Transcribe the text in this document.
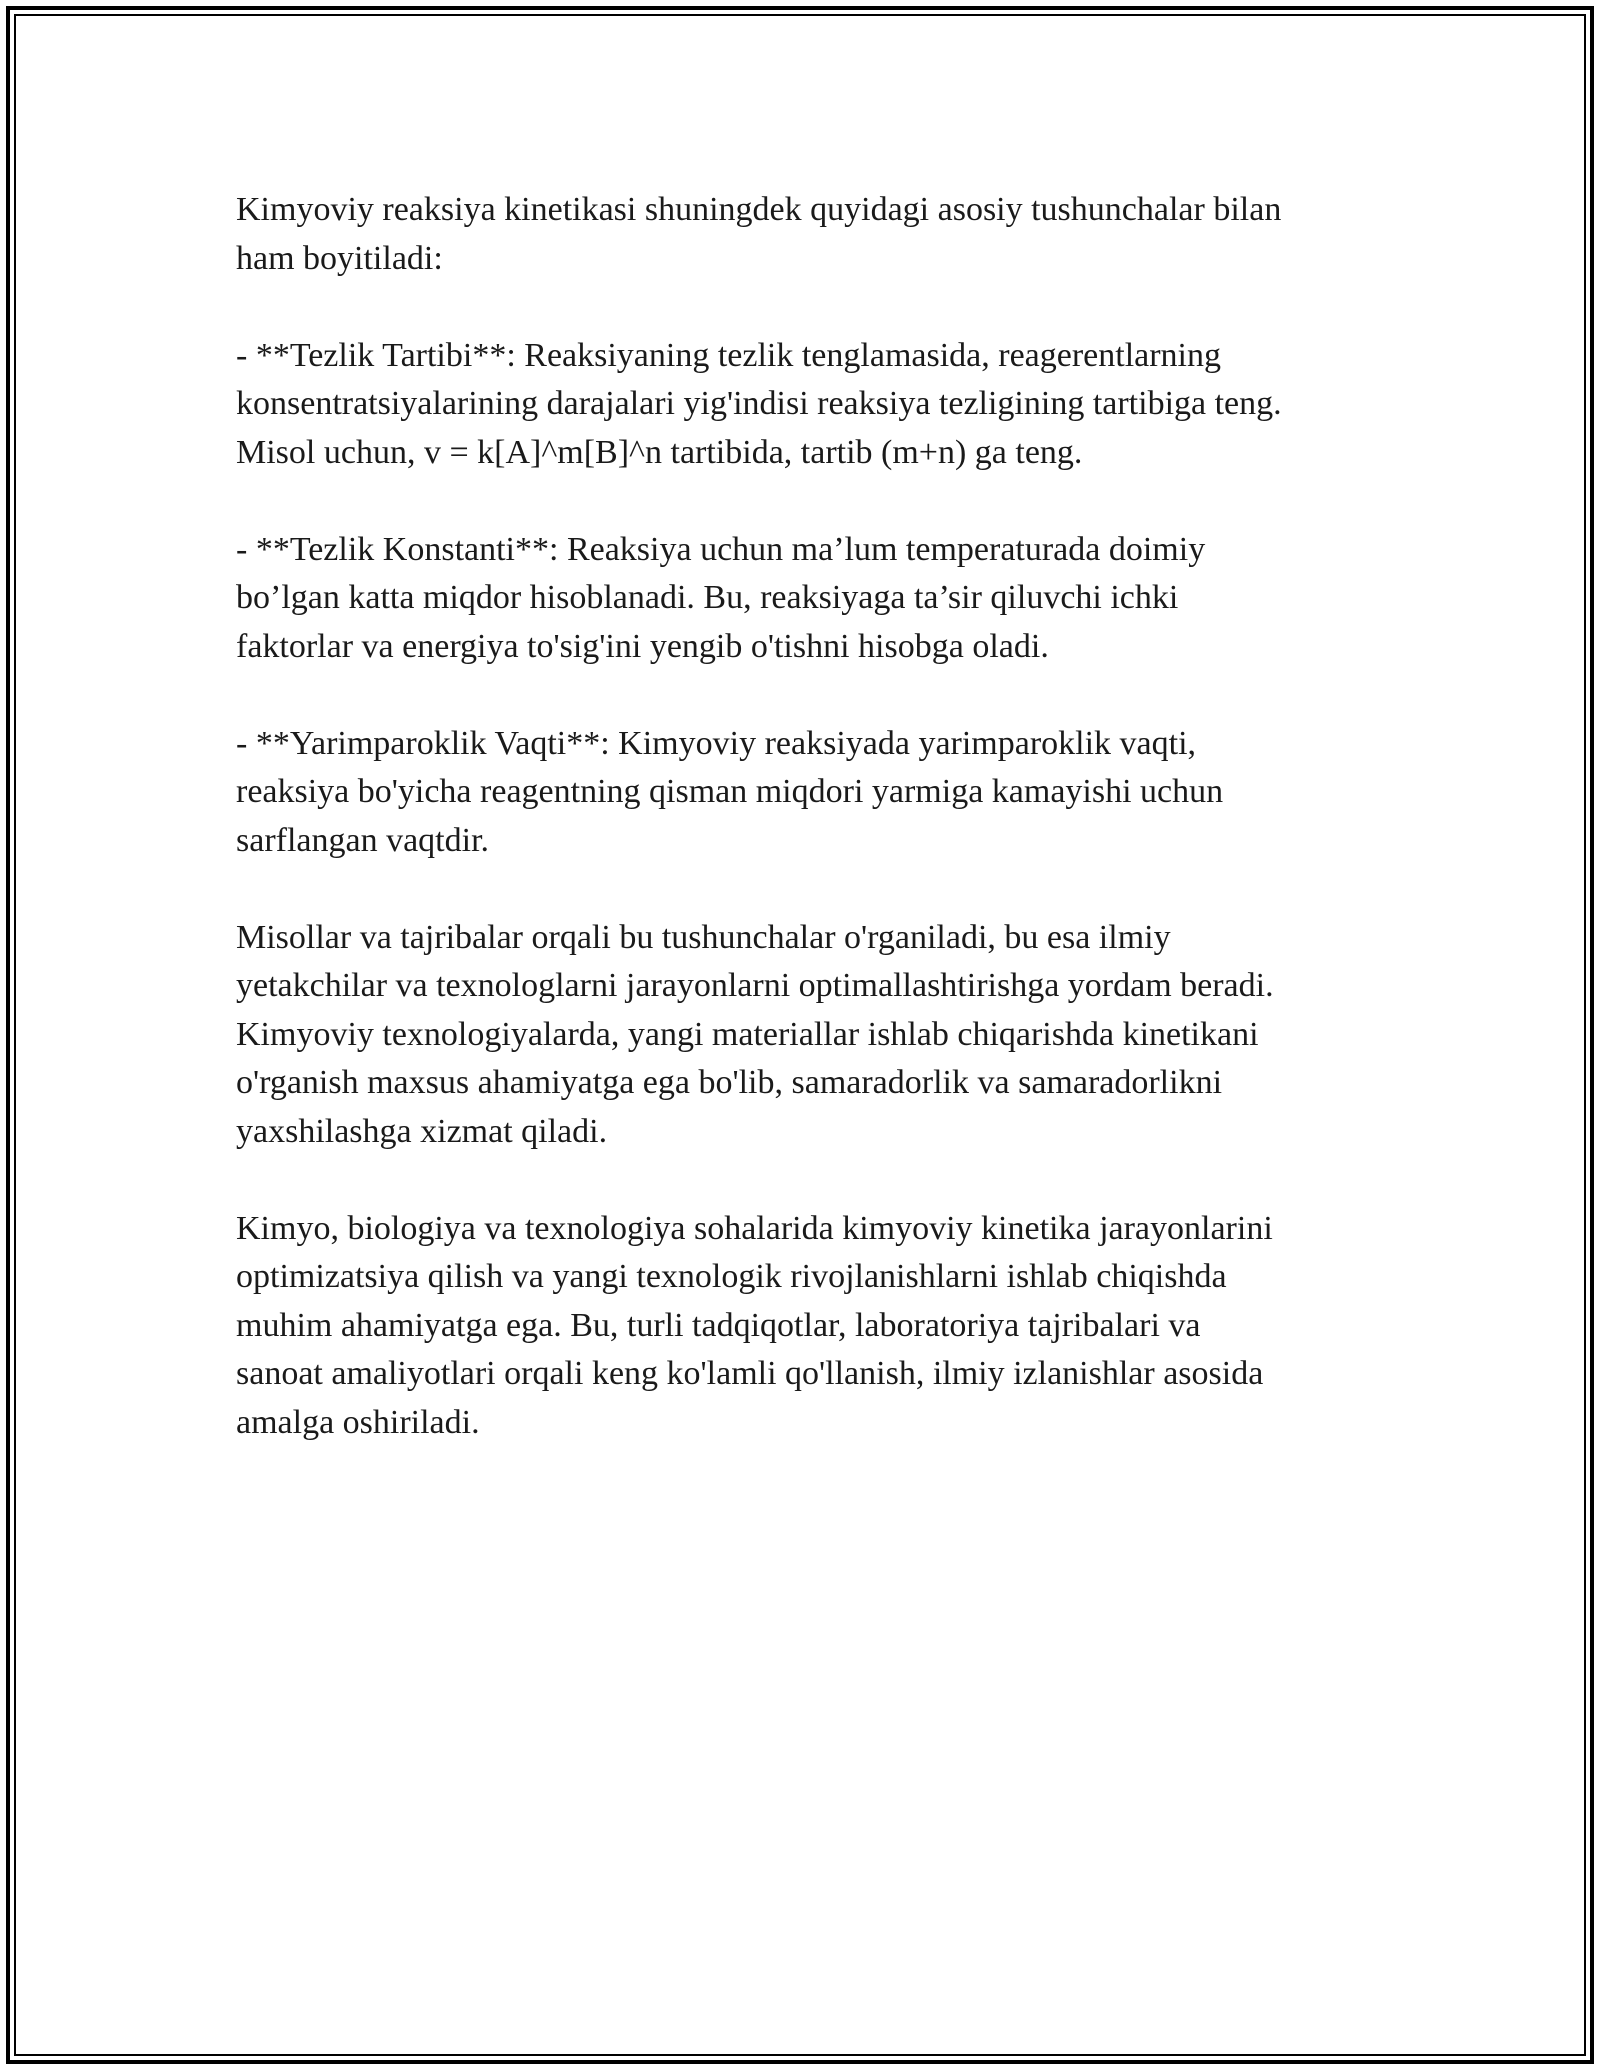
Kimyoviy reaksiya kinetikasi shuningdek quyidagi asosiy tushunchalar bilan
ham boyitiladi:

- **Tezlik Tartibi**: Reaksiyaning tezlik tenglamasida, reagerentlarning
konsentratsiyalarining darajalari yig'indisi reaksiya tezligining tartibiga teng.
Misol uchun, v = k[A]^m[B]^n tartibida, tartib (m+n) ga teng.

- **Tezlik Konstanti**: Reaksiya uchun ma’lum temperaturada doimiy
bo’lgan katta miqdor hisoblanadi. Bu, reaksiyaga ta’sir qiluvchi ichki
faktorlar va energiya to'sig'ini yengib o'tishni hisobga oladi.

- **Yarimparoklik Vaqti**: Kimyoviy reaksiyada yarimparoklik vaqti,
reaksiya bo'yicha reagentning qisman miqdori yarmiga kamayishi uchun
sarflangan vaqtdir.

Misollar va tajribalar orqali bu tushunchalar o'rganiladi, bu esa ilmiy
yetakchilar va texnologlarni jarayonlarni optimallashtirishga yordam beradi.
Kimyoviy texnologiyalarda, yangi materiallar ishlab chiqarishda kinetikani
o'rganish maxsus ahamiyatga ega bo'lib, samaradorlik va samaradorlikni
yaxshilashga xizmat qiladi.

Kimyo, biologiya va texnologiya sohalarida kimyoviy kinetika jarayonlarini
optimizatsiya qilish va yangi texnologik rivojlanishlarni ishlab chiqishda
muhim ahamiyatga ega. Bu, turli tadqiqotlar, laboratoriya tajribalari va
sanoat amaliyotlari orqali keng ko'lamli qo'llanish, ilmiy izlanishlar asosida
amalga oshiriladi.
